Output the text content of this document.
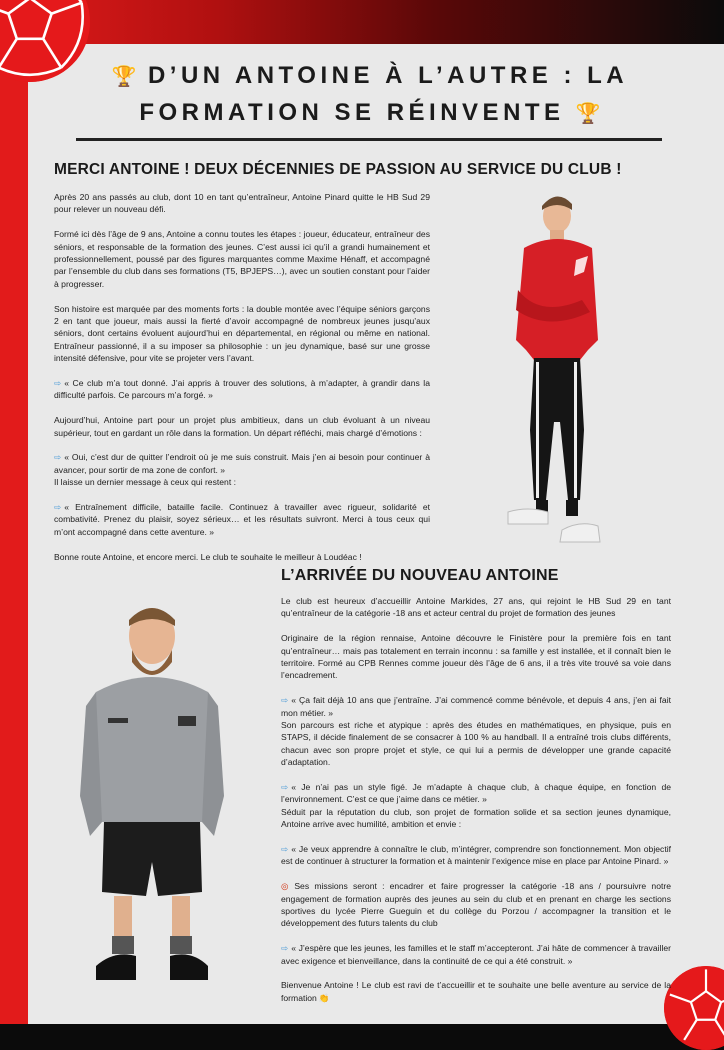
🏆 D’UN ANTOINE À L’AUTRE : LA
FORMATION SE RÉINVENTE 🏆
MERCI ANTOINE ! DEUX DÉCENNIES DE PASSION AU SERVICE DU CLUB !

Après 20 ans passés au club, dont 10 en tant qu’entraîneur, Antoine Pinard quitte le HB Sud 29 pour relever un nouveau défi.

Formé ici dès l’âge de 9 ans, Antoine a connu toutes les étapes : joueur, éducateur, entraîneur des séniors, et responsable de la formation des jeunes. C’est aussi ici qu’il a grandi humainement et professionnellement, poussé par des figures marquantes comme Maxime Hénaff, et accompagné par l’ensemble du club dans ses formations (T5, BPJEPS…), avec un soutien constant pour l’aider à progresser.

Son histoire est marquée par des moments forts : la double montée avec l’équipe séniors garçons 2 en tant que joueur, mais aussi la fierté d’avoir accompagné de nombreux jeunes jusqu’aux séniors, dont certains évoluent aujourd’hui en départemental, en régional ou même en national. Entraîneur passionné, il a su imposer sa philosophie : un jeu dynamique, basé sur une grosse intensité défensive, pour vite se projeter vers l’avant.

⇨ « Ce club m’a tout donné. J’ai appris à trouver des solutions, à m’adapter, à grandir dans la difficulté parfois. Ce parcours m’a forgé. »

Aujourd’hui, Antoine part pour un projet plus ambitieux, dans un club évoluant à un niveau supérieur, tout en gardant un rôle dans la formation. Un départ réfléchi, mais chargé d’émotions :

⇨ « Oui, c’est dur de quitter l’endroit où je me suis construit. Mais j’en ai besoin pour continuer à avancer, pour sortir de ma zone de confort. »
Il laisse un dernier message à ceux qui restent :

⇨ « Entraînement difficile, bataille facile. Continuez à travailler avec rigueur, solidarité et combativité. Prenez du plaisir, soyez sérieux… et les résultats suivront. Merci à tous ceux qui m’ont accompagné dans cette aventure. »

Bonne route Antoine, et encore merci. Le club te souhaite le meilleur à Loudéac !

L’ARRIVÉE DU NOUVEAU ANTOINE

Le club est heureux d’accueillir Antoine Markides, 27 ans, qui rejoint le HB Sud 29 en tant qu’entraîneur de la catégorie -18 ans et acteur central du projet de formation des jeunes

Originaire de la région rennaise, Antoine découvre le Finistère pour la première fois en tant qu’entraîneur… mais pas totalement en terrain inconnu : sa famille y est installée, et il connaît bien le territoire. Formé au CPB Rennes comme joueur dès l’âge de 6 ans, il a très vite trouvé sa voie dans l’encadrement.

⇨ « Ça fait déjà 10 ans que j’entraîne. J’ai commencé comme bénévole, et depuis 4 ans, j’en ai fait mon métier. »
Son parcours est riche et atypique : après des études en mathématiques, en physique, puis en STAPS, il décide finalement de se consacrer à 100 % au handball. Il a entraîné trois clubs différents, chacun avec son propre projet et style, ce qui lui a permis de développer une grande capacité d’adaptation.

⇨ « Je n’ai pas un style figé. Je m’adapte à chaque club, à chaque équipe, en fonction de l’environnement. C’est ce que j’aime dans ce métier. »
Séduit par la réputation du club, son projet de formation solide et sa section jeunes dynamique, Antoine arrive avec humilité, ambition et envie :

⇨ « Je veux apprendre à connaître le club, m’intégrer, comprendre son fonctionnement. Mon objectif est de continuer à structurer la formation et à maintenir l’exigence mise en place par Antoine Pinard. »

◎ Ses missions seront : encadrer et faire progresser la catégorie -18 ans / poursuivre notre engagement de formation auprès des jeunes au sein du club et en prenant en charge les sections sportives du lycée Pierre Gueguin et du collège du Porzou / accompagner la transition et le développement des futurs talents du club

⇨ « J’espère que les jeunes, les familles et le staff m’accepteront. J’ai hâte de commencer à travailler avec exigence et bienveillance, dans la continuité de ce qui a été construit. »

Bienvenue Antoine ! Le club est ravi de t’accueillir et te souhaite une belle aventure au service de la formation 👏
